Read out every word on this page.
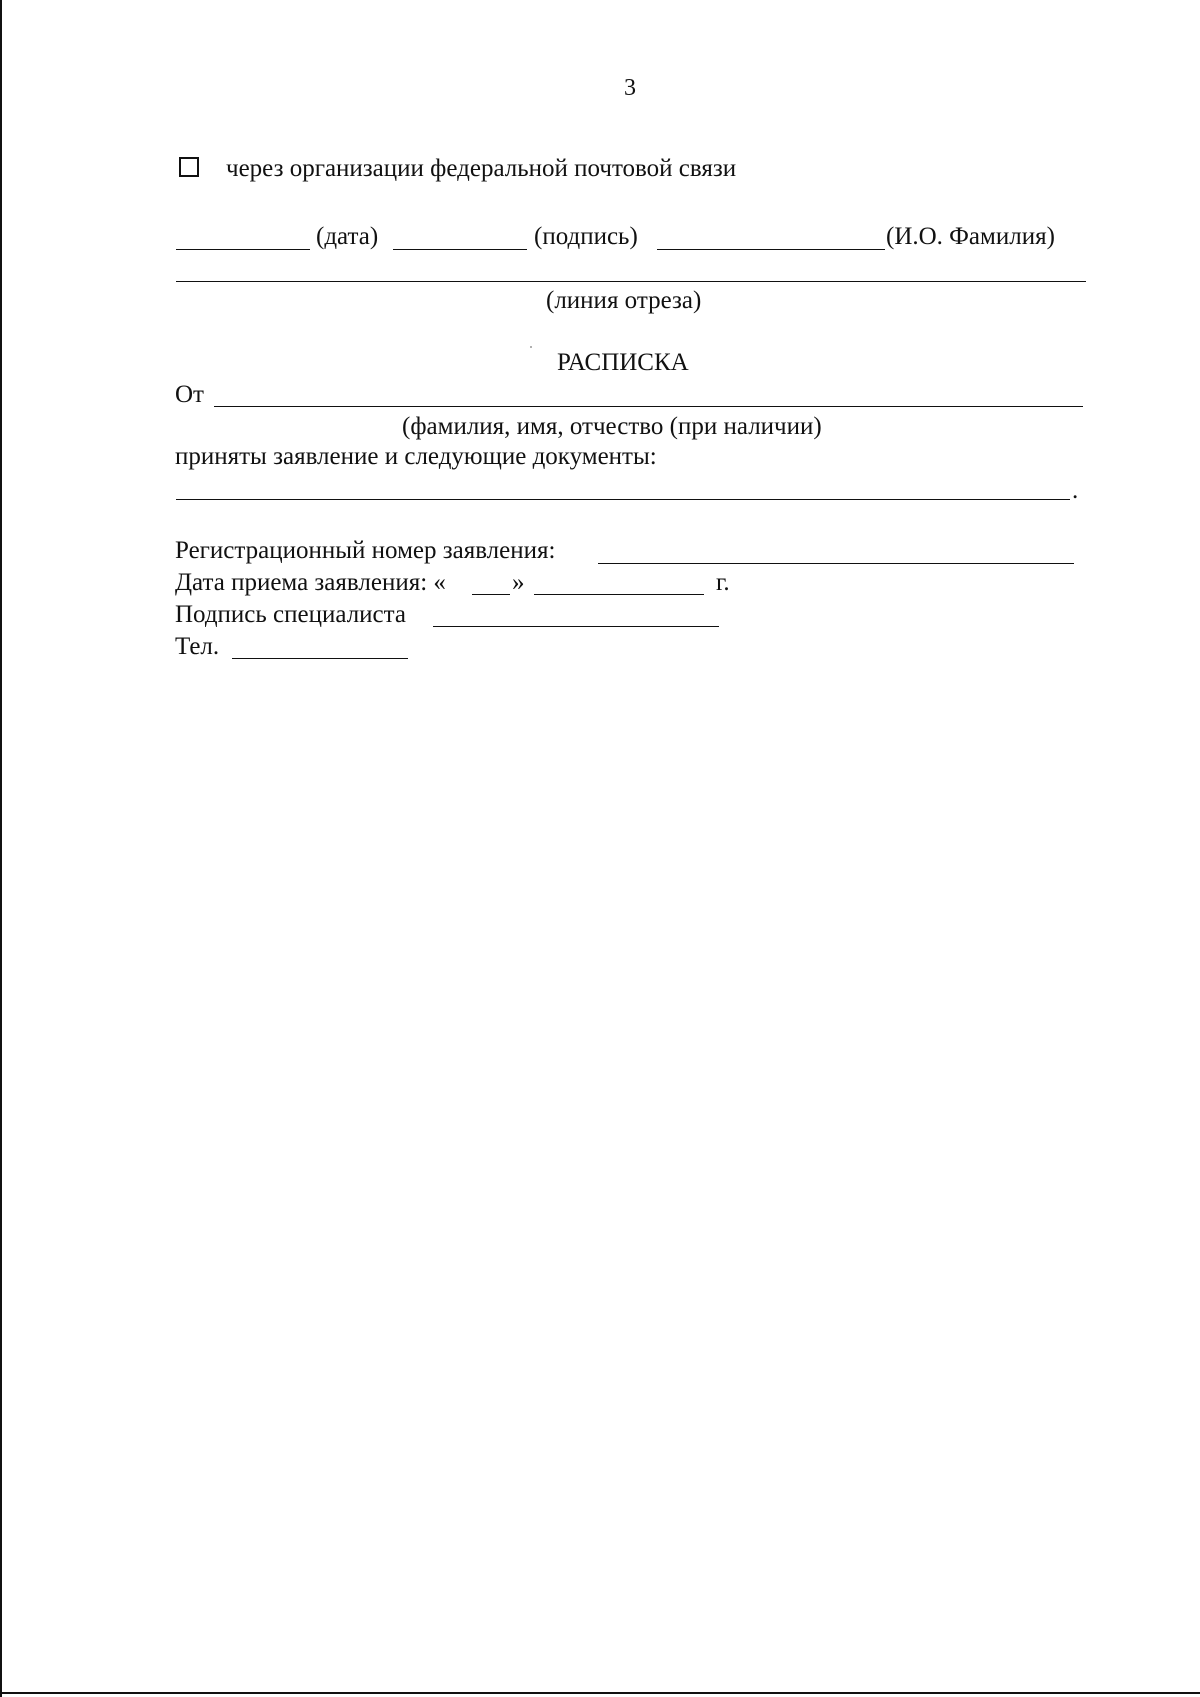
3
через организации федеральной почтовой связи
(дата)	(подпись)	(И.О. Фамилия)
(линия отреза)
РАСПИСКА
От
(фамилия, имя, отчество (при наличии)
приняты заявление и следующие документы:
.
Регистрационный номер заявления:
Дата приема заявления: «	»	г.
Подпись специалиста
Тел.
